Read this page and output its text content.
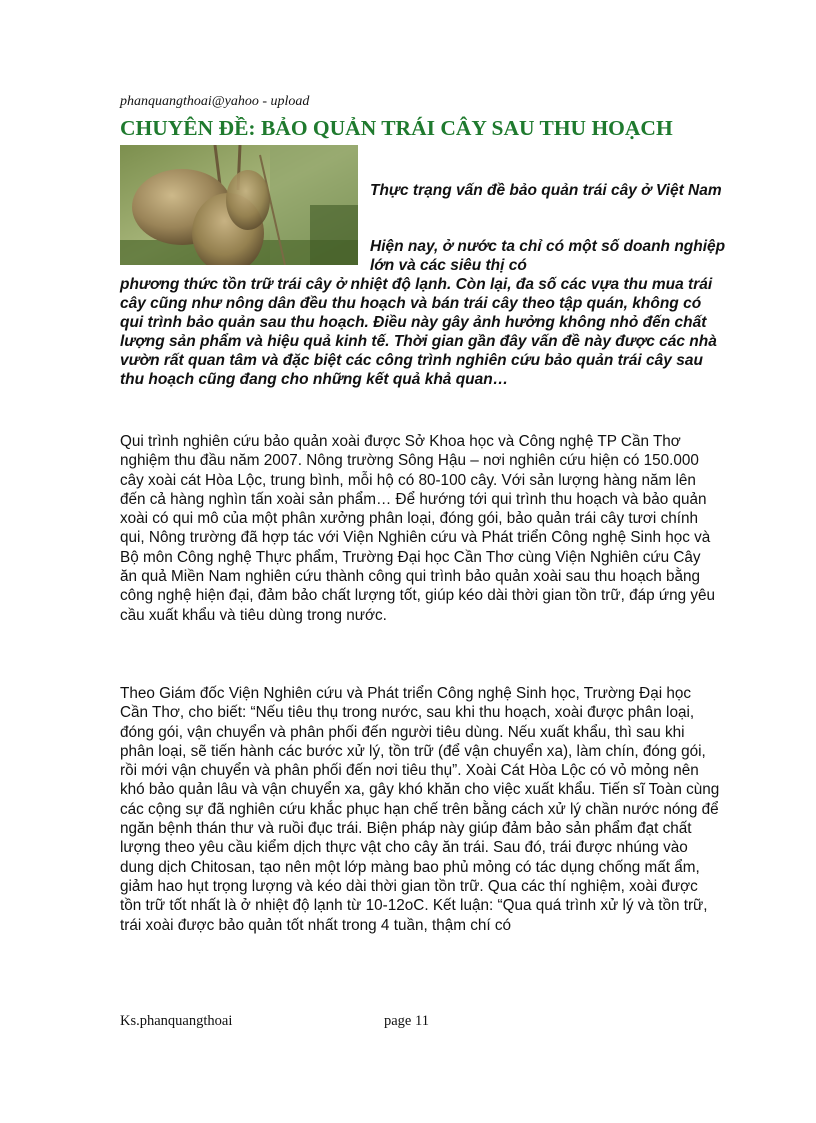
phanquangthoai@yahoo - upload
CHUYÊN ĐỀ: BẢO QUẢN TRÁI CÂY SAU THU HOẠCH
Thực trạng vấn đề bảo quản trái cây ở Việt Nam
Hiện nay, ở nước ta chỉ có một số doanh nghiệp lớn và các siêu thị có
phương thức tồn trữ trái cây ở nhiệt độ lạnh. Còn lại, đa số các vựa thu mua trái cây cũng như nông dân đều thu hoạch và bán trái cây theo tập quán, không có qui trình bảo quản sau thu hoạch. Điều này gây ảnh hưởng không nhỏ đến chất lượng sản phẩm và hiệu quả kinh tế. Thời gian gần đây vấn đề này được các nhà vườn rất quan tâm và đặc biệt các công trình nghiên cứu bảo quản trái cây sau thu hoạch cũng đang cho những kết quả khả quan…

Qui trình nghiên cứu bảo quản xoài được Sở Khoa học và Công nghệ TP Cần Thơ nghiệm thu đầu năm 2007. Nông trường Sông Hậu – nơi nghiên cứu hiện có 150.000 cây xoài cát Hòa Lộc, trung bình, mỗi hộ có 80-100 cây. Với sản lượng hàng năm lên đến cả hàng nghìn tấn xoài sản phẩm… Để hướng tới qui trình thu hoạch và bảo quản xoài có qui mô của một phân xưởng phân loại, đóng gói, bảo quản trái cây tươi chính qui, Nông trường đã hợp tác với Viện Nghiên cứu và Phát triển Công nghệ Sinh học và Bộ môn Công nghệ Thực phẩm, Trường Đại học Cần Thơ cùng Viện Nghiên cứu Cây ăn quả Miền Nam nghiên cứu thành công qui trình bảo quản xoài sau thu hoạch bằng công nghệ hiện đại, đảm bảo chất lượng tốt, giúp kéo dài thời gian tồn trữ, đáp ứng yêu cầu xuất khẩu và tiêu dùng trong nước.

Theo Giám đốc Viện Nghiên cứu và Phát triển Công nghệ Sinh học, Trường Đại học Cần Thơ, cho biết: “Nếu tiêu thụ trong nước, sau khi thu hoạch, xoài được phân loại, đóng gói, vận chuyển và phân phối đến người tiêu dùng. Nếu xuất khẩu, thì sau khi phân loại, sẽ tiến hành các bước xử lý, tồn trữ (để vận chuyển xa), làm chín, đóng gói, rồi mới vận chuyển và phân phối đến nơi tiêu thụ”. Xoài Cát Hòa Lộc có vỏ mỏng nên khó bảo quản lâu và vận chuyển xa, gây khó khăn cho việc xuất khẩu. Tiến sĩ Toàn cùng các cộng sự đã nghiên cứu khắc phục hạn chế trên bằng cách xử lý chần nước nóng để ngăn bệnh thán thư và ruồi đục trái. Biện pháp này giúp đảm bảo sản phẩm đạt chất lượng theo yêu cầu kiểm dịch thực vật cho cây ăn trái. Sau đó, trái được nhúng vào dung dịch Chitosan, tạo nên một lớp màng bao phủ mỏng có tác dụng chống mất ẩm, giảm hao hụt trọng lượng và kéo dài thời gian tồn trữ. Qua các thí nghiệm, xoài được tồn trữ tốt nhất là ở nhiệt độ lạnh từ 10-12oC. Kết luận: “Qua quá trình xử lý và tồn trữ, trái xoài được bảo quản tốt nhất trong 4 tuần, thậm chí có

Ks.phanquangthoai	page 11
